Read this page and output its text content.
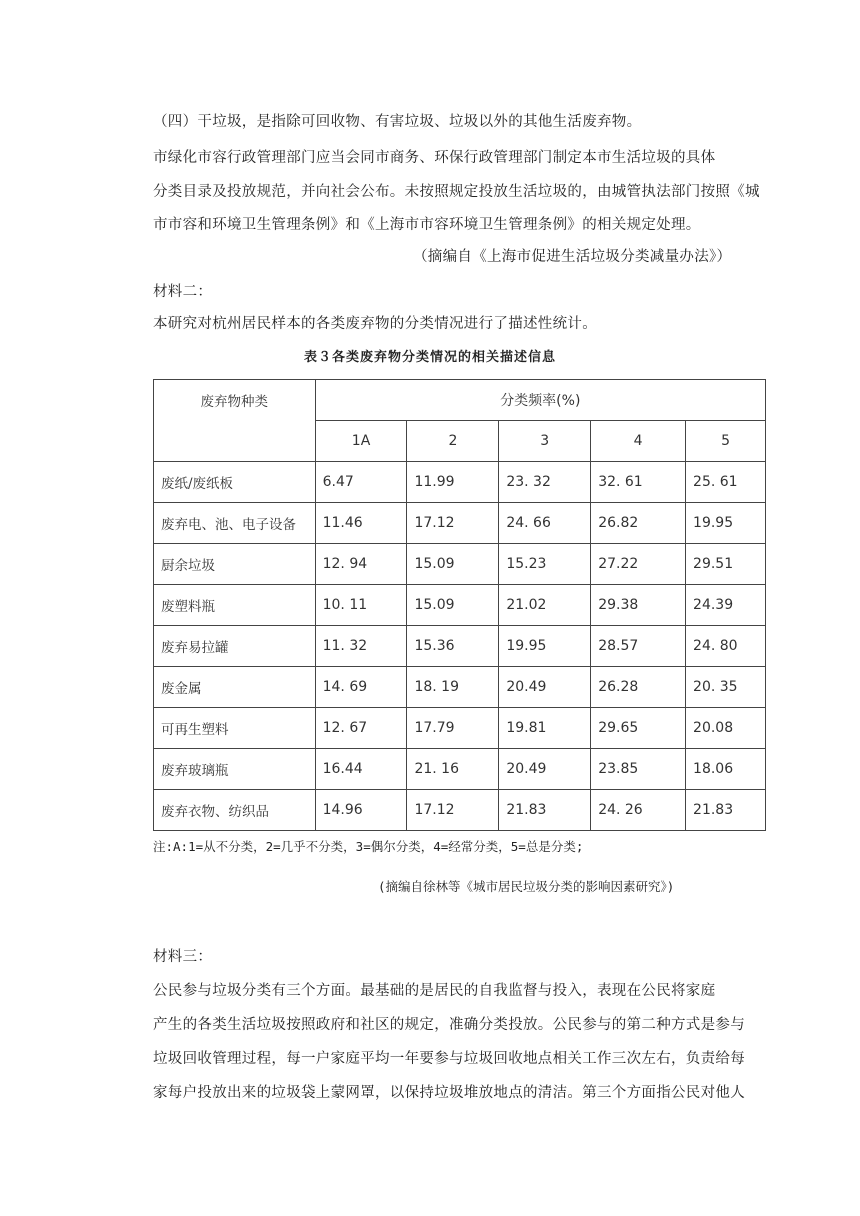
（四）干垃圾，是指除可回收物、有害垃圾、垃圾以外的其他生活废弃物。
市绿化市容行政管理部门应当会同市商务、环保行政管理部门制定本市生活垃圾的具体
分类目录及投放规范，并向社会公布。未按照规定投放生活垃圾的，由城管执法部门按照《城
市市容和环境卫生管理条例》和《上海市市容环境卫生管理条例》的相关规定处理。
（摘编自《上海市促进生活垃圾分类减量办法》）
材料二：
本研究对杭州居民样本的各类废弃物的分类情况进行了描述性统计。
表３各类废弃物分类情况的相关描述信息
废弃物种类	分类频率(%)				
	1A	2	3	4	5
废纸/废纸板	6.47	11.99	23. 32	32. 61	25. 61
废弃电、池、电子设备	11.46	17.12	24. 66	26.82	19.95
厨余垃圾	12. 94	15.09	15.23	27.22	29.51
废塑料瓶	10. 11	15.09	21.02	29.38	24.39
废弃易拉罐	11. 32	15.36	19.95	28.57	24. 80
废金属	14. 69	18. 19	20.49	26.28	20. 35
可再生塑料	12. 67	17.79	19.81	29.65	20.08
废弃玻璃瓶	16.44	21. 16	20.49	23.85	18.06
废弃衣物、纺织品	14.96	17.12	21.83	24. 26	21.83
注:A:1=从不分类，2=几乎不分类，3=偶尔分类，4=经常分类，5=总是分类;
(摘编自徐林等《城市居民垃圾分类的影响因素研究》)
材料三：
公民参与垃圾分类有三个方面。最基础的是居民的自我监督与投入，表现在公民将家庭
产生的各类生活垃圾按照政府和社区的规定，准确分类投放。公民参与的第二种方式是参与
垃圾回收管理过程，每一户家庭平均一年要参与垃圾回收地点相关工作三次左右，负责给每
家每户投放出来的垃圾袋上蒙网罩，以保持垃圾堆放地点的清洁。第三个方面指公民对他人
